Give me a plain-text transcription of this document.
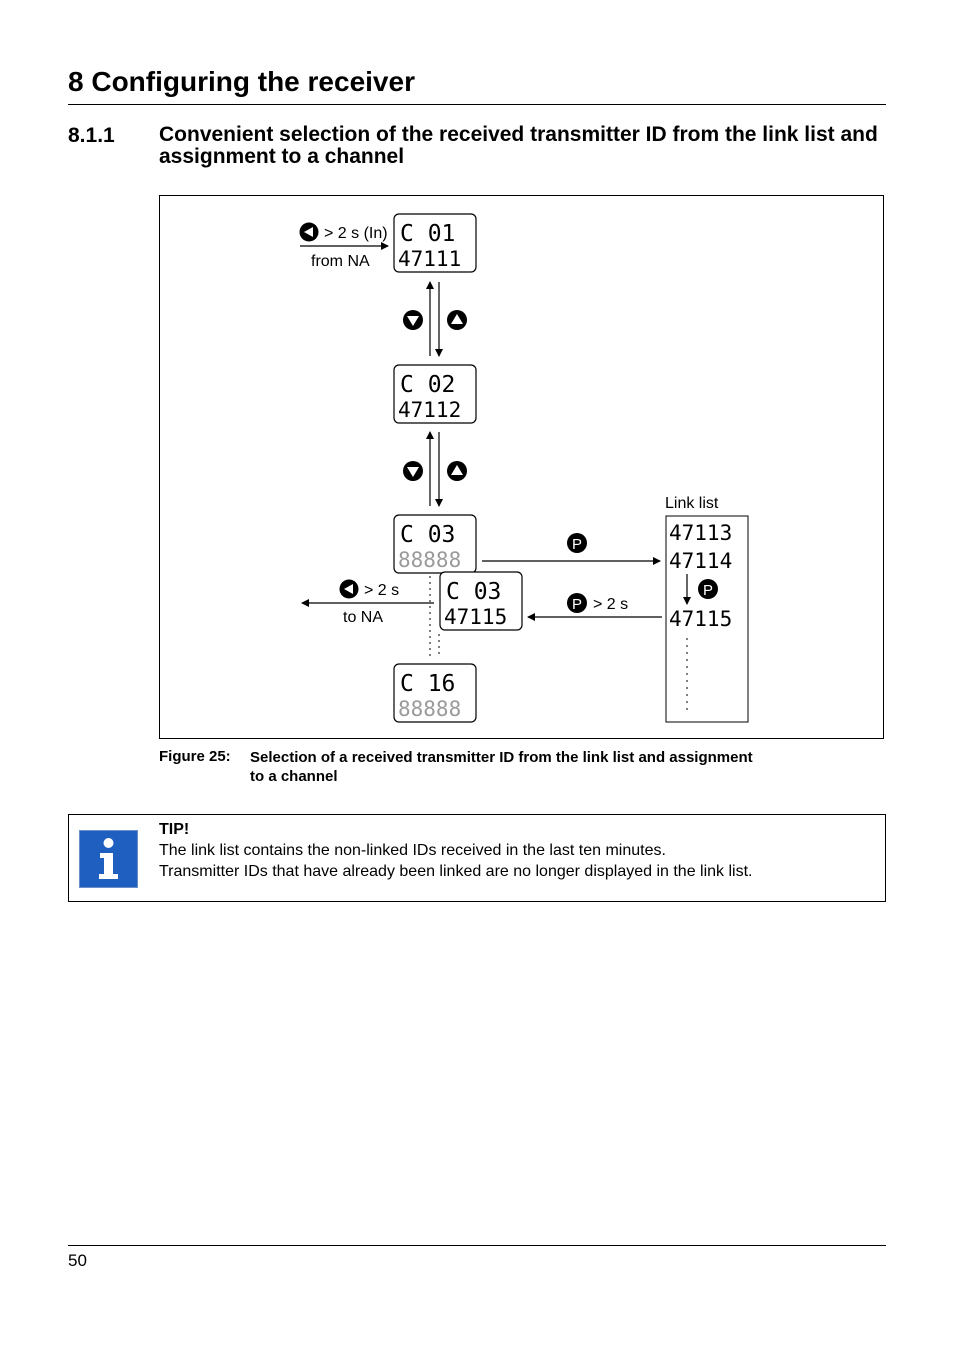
8 Configuring the receiver
8.1.1 Convenient selection of the received transmitter ID from the link list and assignment to a channel
C 01
47111
C 02
47112
C 03
88888
C 03
47115
C 16
88888
> 2 s (In)
from NA
P
P > 2 s
> 2 s
to NA
Link list
47113
47114
47115
P
Figure 25: Selection of a received transmitter ID from the link list and assignment to a channel
TIP!
The link list contains the non-linked IDs received in the last ten minutes.
Transmitter IDs that have already been linked are no longer displayed in the link list.
50
